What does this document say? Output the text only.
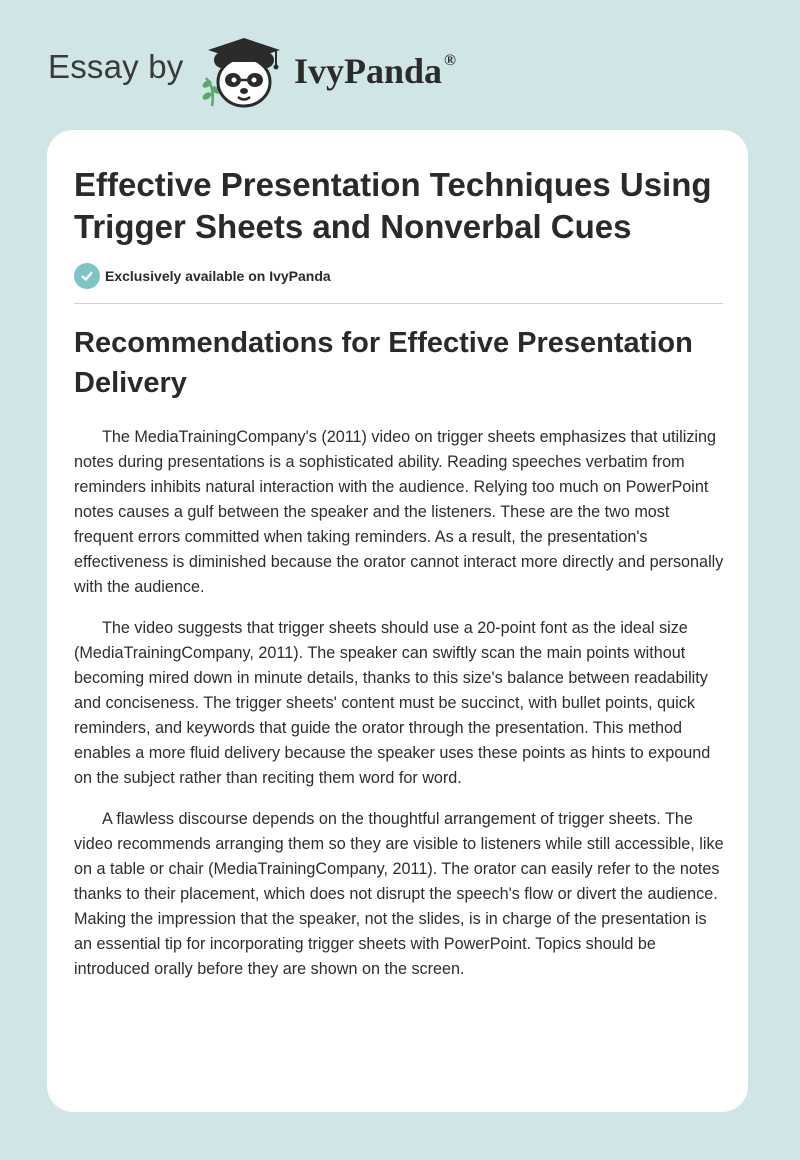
Essay by	IvyPanda ®
Effective Presentation Techniques Using Trigger Sheets and Nonverbal Cues
Exclusively available on IvyPanda
Recommendations for Effective Presentation Delivery

The MediaTrainingCompany's (2011) video on trigger sheets emphasizes that utilizing notes during presentations is a sophisticated ability. Reading speeches verbatim from reminders inhibits natural interaction with the audience. Relying too much on PowerPoint notes causes a gulf between the speaker and the listeners. These are the two most frequent errors committed when taking reminders. As a result, the presentation's effectiveness is diminished because the orator cannot interact more directly and personally with the audience.

The video suggests that trigger sheets should use a 20-point font as the ideal size (MediaTrainingCompany, 2011). The speaker can swiftly scan the main points without becoming mired down in minute details, thanks to this size's balance between readability and conciseness. The trigger sheets' content must be succinct, with bullet points, quick reminders, and keywords that guide the orator through the presentation. This method enables a more fluid delivery because the speaker uses these points as hints to expound on the subject rather than reciting them word for word.

A flawless discourse depends on the thoughtful arrangement of trigger sheets. The video recommends arranging them so they are visible to listeners while still accessible, like on a table or chair (MediaTrainingCompany, 2011). The orator can easily refer to the notes thanks to their placement, which does not disrupt the speech's flow or divert the audience. Making the impression that the speaker, not the slides, is in charge of the presentation is an essential tip for incorporating trigger sheets with PowerPoint. Topics should be introduced orally before they are shown on the screen.
